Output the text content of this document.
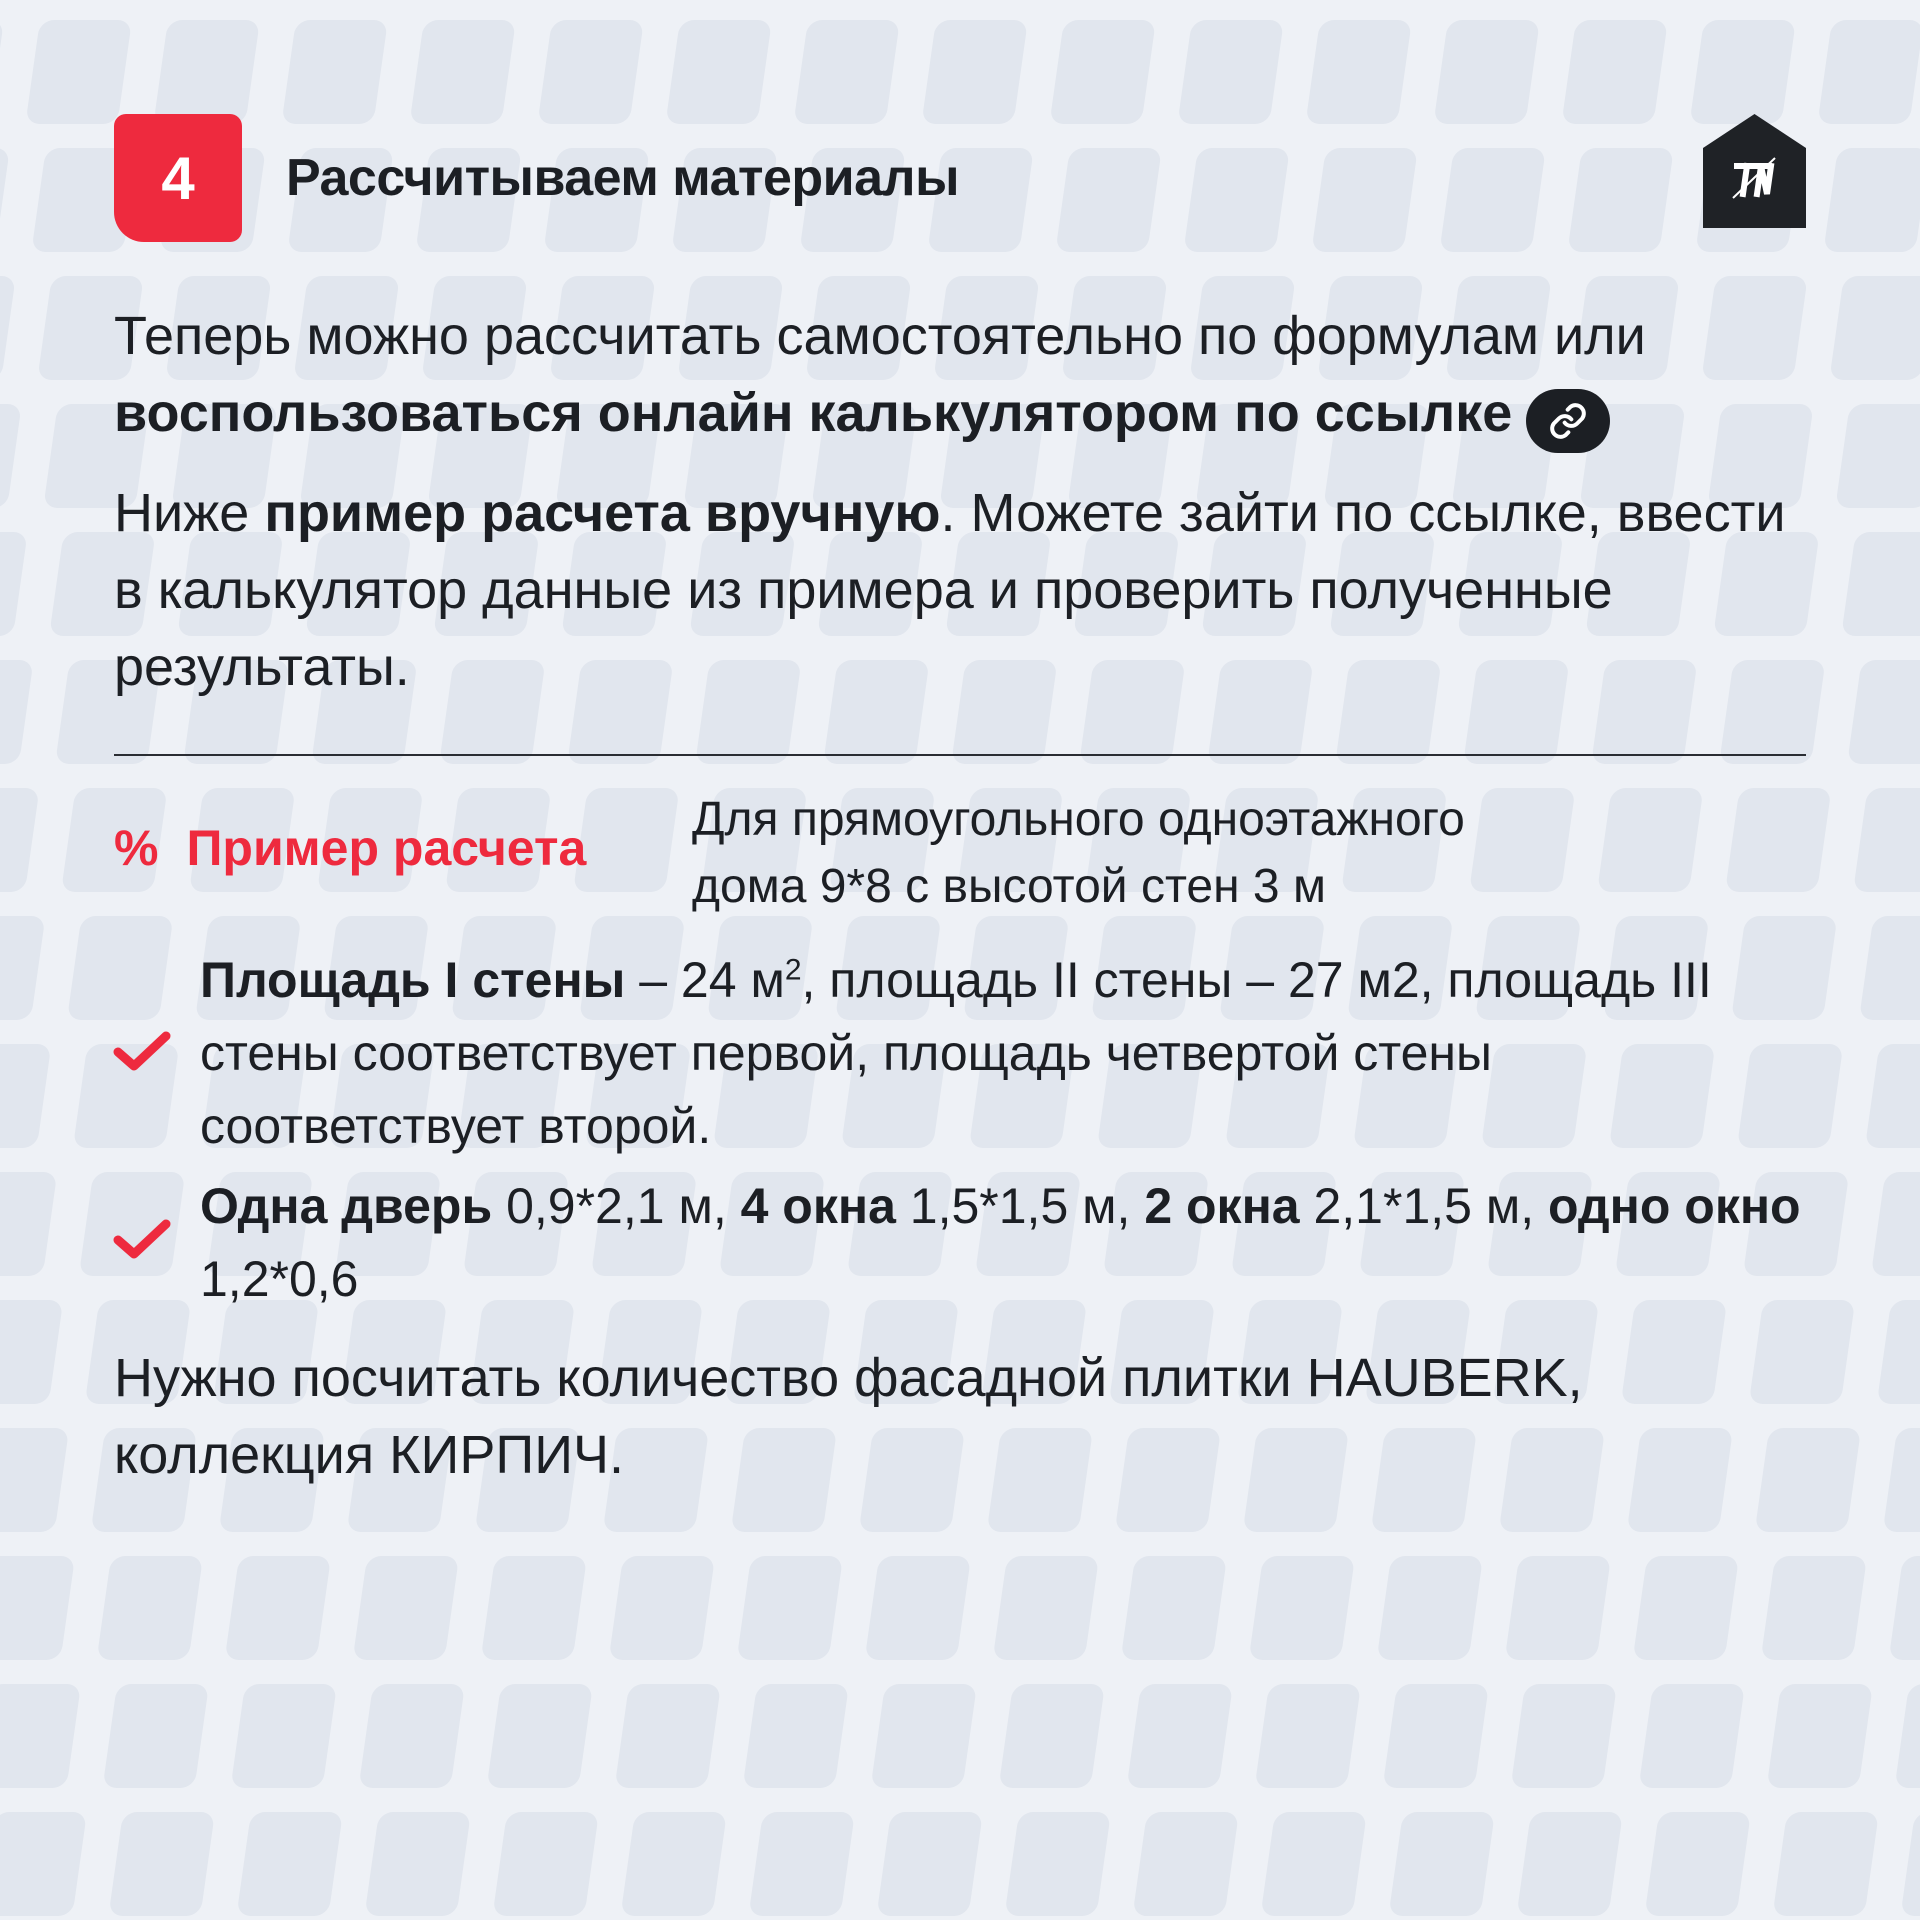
4 Рассчитываем материалы
Теперь можно рассчитать самостоятельно по формулам или
воспользоваться онлайн калькулятором по ссылке
Ниже пример расчета вручную. Можете зайти по ссылке, ввести в калькулятор данные из примера и проверить полученные результаты.
% Пример расчета
Для прямоугольного одноэтажного
дома 9*8 с высотой стен 3 м
Площадь I стены – 24 $м^2$, площадь II стены – 27 м2, площадь III стены соответствует первой, площадь четвертой стены соответствует второй.
Одна дверь 0,9*2,1 м, 4 окна 1,5*1,5 м, 2 окна 2,1*1,5 м, одно окно 1,2*0,6
Нужно посчитать количество фасадной плитки HAUBERK, коллекция КИРПИЧ.
